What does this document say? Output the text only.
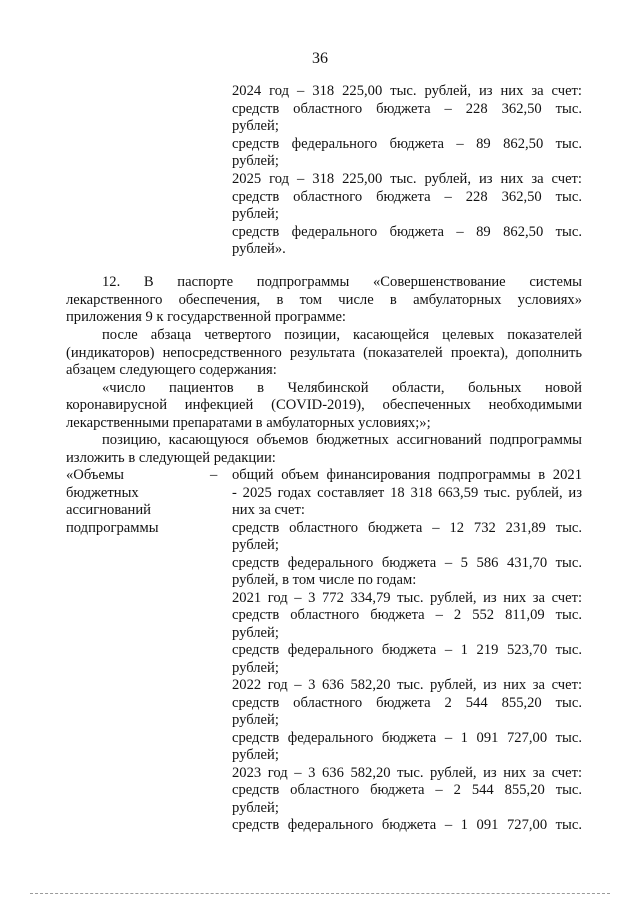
36
2024 год – 318 225,00 тыс. рублей, из них за счет:
средств областного бюджета – 228 362,50 тыс.
рублей;
средств федерального бюджета – 89 862,50 тыс.
рублей;
2025 год – 318 225,00 тыс. рублей, из них за счет:
средств областного бюджета – 228 362,50 тыс.
рублей;
средств федерального бюджета – 89 862,50 тыс.
рублей».
12. В паспорте подпрограммы «Совершенствование системы
лекарственного обеспечения, в том числе в амбулаторных условиях»
приложения 9 к государственной программе:
после абзаца четвертого позиции, касающейся целевых показателей
(индикаторов) непосредственного результата (показателей проекта), дополнить
абзацем следующего содержания:
«число пациентов в Челябинской области, больных новой
коронавирусной инфекцией (COVID-2019), обеспеченных необходимыми
лекарственными препаратами в амбулаторных условиях;»;
позицию, касающуюся объемов бюджетных ассигнований подпрограммы
изложить в следующей редакции:
«Объемы
бюджетных
ассигнований
подпрограммы
– общий объем финансирования подпрограммы в 2021
- 2025 годах составляет 18 318 663,59 тыс. рублей, из
них за счет:
средств областного бюджета – 12 732 231,89 тыс.
рублей;
средств федерального бюджета – 5 586 431,70 тыс.
рублей, в том числе по годам:
2021 год – 3 772 334,79 тыс. рублей, из них за счет:
средств областного бюджета – 2 552 811,09 тыс.
рублей;
средств федерального бюджета – 1 219 523,70 тыс.
рублей;
2022 год – 3 636 582,20 тыс. рублей, из них за счет:
средств областного бюджета 2 544 855,20 тыс.
рублей;
средств федерального бюджета – 1 091 727,00 тыс.
рублей;
2023 год – 3 636 582,20 тыс. рублей, из них за счет:
средств областного бюджета – 2 544 855,20 тыс.
рублей;
средств федерального бюджета – 1 091 727,00 тыс.
